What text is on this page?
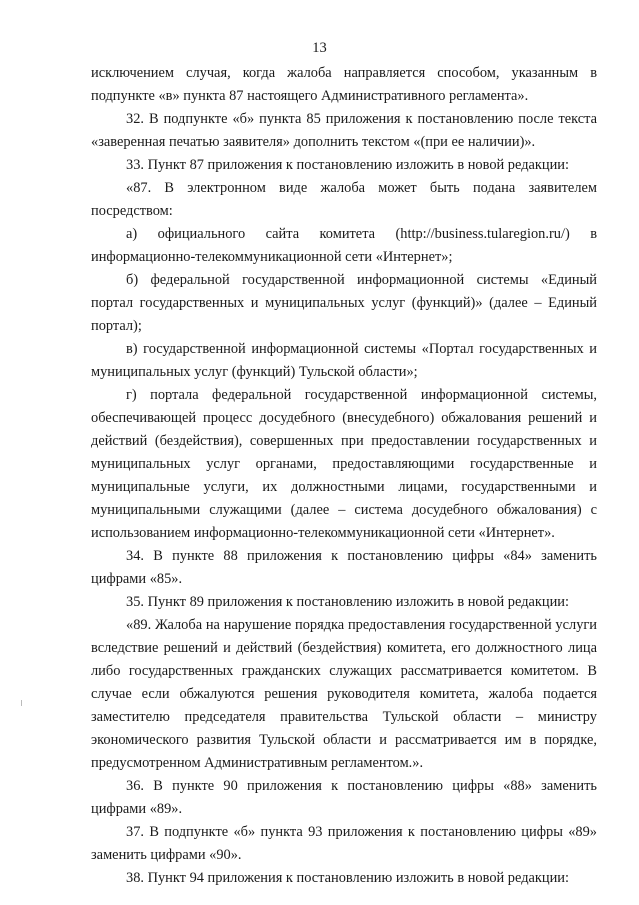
13

исключением случая, когда жалоба направляется способом, указанным в подпункте «в» пункта 87 настоящего Административного регламента».

32. В подпункте «б» пункта 85 приложения к постановлению после текста «заверенная печатью заявителя» дополнить текстом «(при ее наличии)».

33. Пункт 87 приложения к постановлению изложить в новой редакции:

«87. В электронном виде жалоба может быть подана заявителем посредством:

а) официального сайта комитета (http://business.tularegion.ru/) в информационно-телекоммуникационной сети «Интернет»;

б) федеральной государственной информационной системы «Единый портал государственных и муниципальных услуг (функций)» (далее – Единый портал);

в) государственной информационной системы «Портал государственных и муниципальных услуг (функций) Тульской области»;

г) портала федеральной государственной информационной системы, обеспечивающей процесс досудебного (внесудебного) обжалования решений и действий (бездействия), совершенных при предоставлении государственных и муниципальных услуг органами, предоставляющими государственные и муниципальные услуги, их должностными лицами, государственными и муниципальными служащими (далее – система досудебного обжалования) с использованием информационно-телекоммуникационной сети «Интернет».

34. В пункте 88 приложения к постановлению цифры «84» заменить цифрами «85».

35. Пункт 89 приложения к постановлению изложить в новой редакции:

«89. Жалоба на нарушение порядка предоставления государственной услуги вследствие решений и действий (бездействия) комитета, его должностного лица либо государственных гражданских служащих рассматривается комитетом. В случае если обжалуются решения руководителя комитета, жалоба подается заместителю председателя правительства Тульской области – министру экономического развития Тульской области и рассматривается им в порядке, предусмотренном Административным регламентом.».

36. В пункте 90 приложения к постановлению цифры «88» заменить цифрами «89».

37. В подпункте «б» пункта 93 приложения к постановлению цифры «89» заменить цифрами «90».

38. Пункт 94 приложения к постановлению изложить в новой редакции:
